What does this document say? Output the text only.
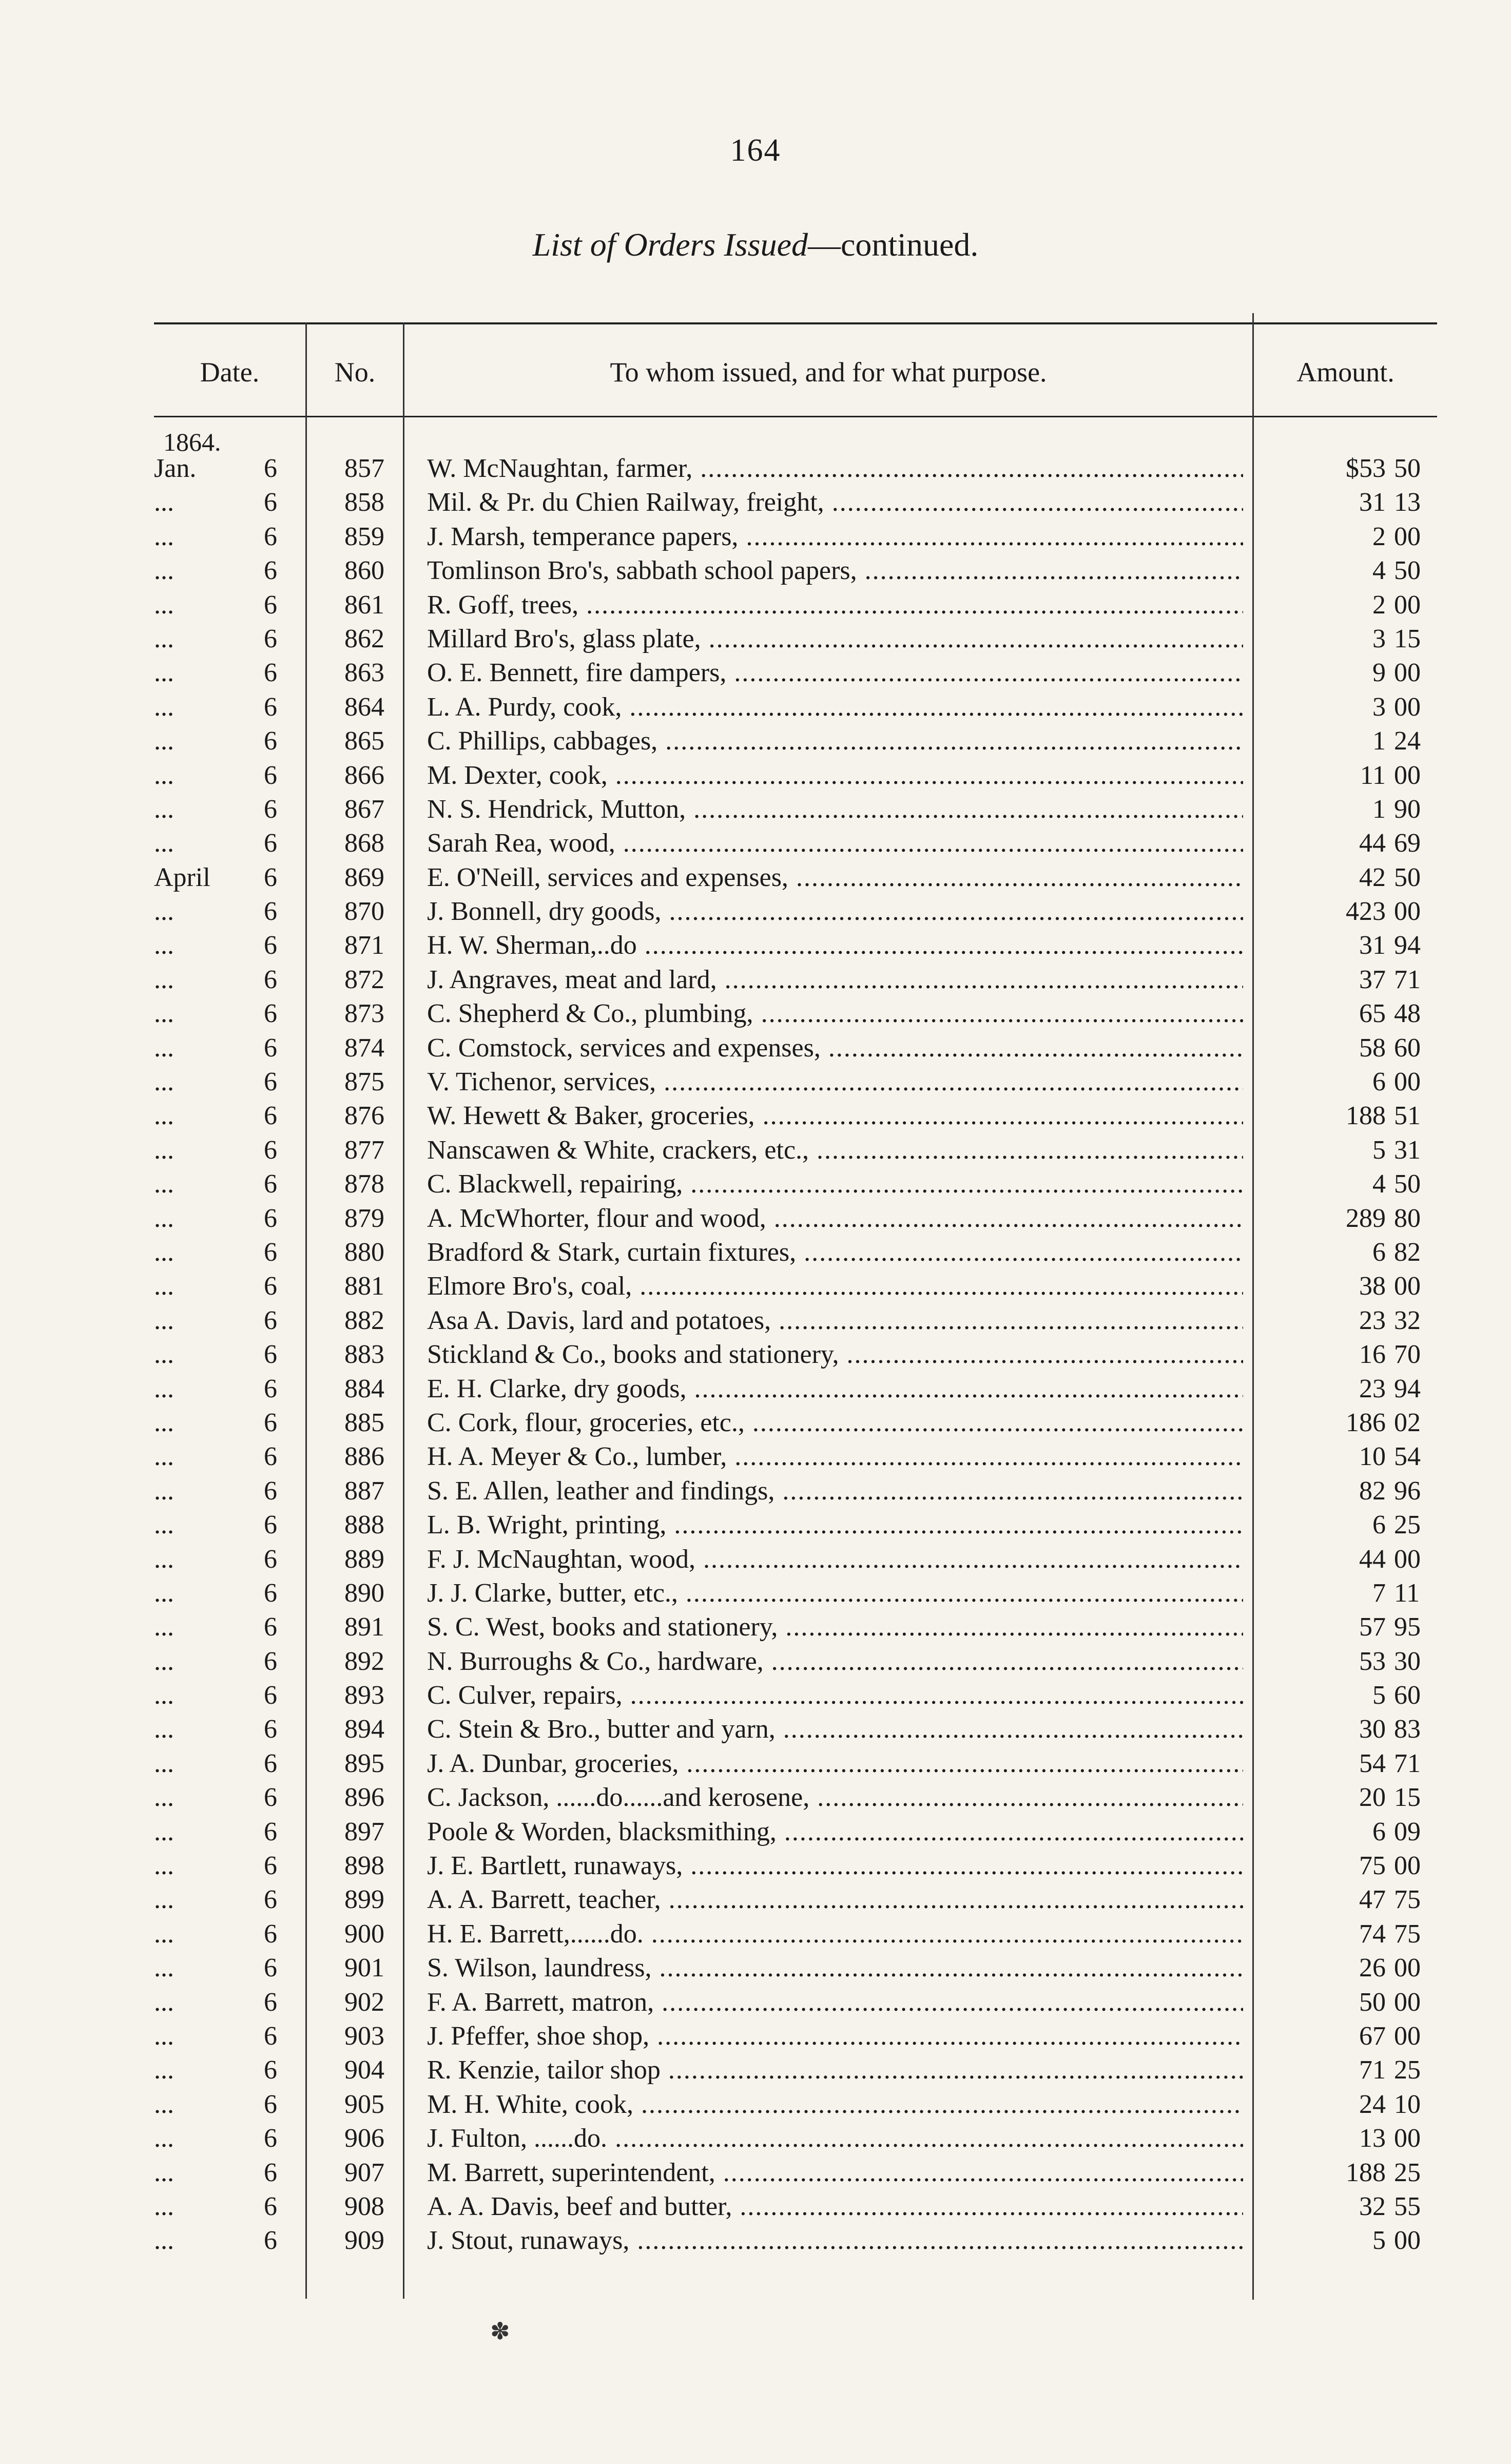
164
List of Orders Issued—continued.
Date.	No.	To whom issued, and for what purpose.	Amount.
1864.
Jan.	6	857	W. McNaughtan, farmer, .....	$53 50
...	6	858	Mil. & Pr. du Chien Railway, freight, .....	31 13
...	6	859	J. Marsh, temperance papers, .....	2 00
...	6	860	Tomlinson Bro's, sabbath school papers, .....	4 50
...	6	861	R. Goff, trees, .....	2 00
...	6	862	Millard Bro's, glass plate, .....	3 15
...	6	863	O. E. Bennett, fire dampers, .....	9 00
...	6	864	L. A. Purdy, cook, .....	3 00
...	6	865	C. Phillips, cabbages, .....	1 24
...	6	866	M. Dexter, cook, .....	11 00
...	6	867	N. S. Hendrick, Mutton, .....	1 90
...	6	868	Sarah Rea, wood, .....	44 69
April	6	869	E. O'Neill, services and expenses, .....	42 50
...	6	870	J. Bonnell, dry goods, .....	423 00
...	6	871	H. W. Sherman,..do .....	31 94
...	6	872	J. Angraves, meat and lard, .....	37 71
...	6	873	C. Shepherd & Co., plumbing, .....	65 48
...	6	874	C. Comstock, services and expenses, .....	58 60
...	6	875	V. Tichenor, services, .....	6 00
...	6	876	W. Hewett & Baker, groceries, .....	188 51
...	6	877	Nanscawen & White, crackers, etc., .....	5 31
...	6	878	C. Blackwell, repairing, .....	4 50
...	6	879	A. McWhorter, flour and wood, .....	289 80
...	6	880	Bradford & Stark, curtain fixtures, .....	6 82
...	6	881	Elmore Bro's, coal, .....	38 00
...	6	882	Asa A. Davis, lard and potatoes, .....	23 32
...	6	883	Stickland & Co., books and stationery, .....	16 70
...	6	884	E. H. Clarke, dry goods, .....	23 94
...	6	885	C. Cork, flour, groceries, etc., .....	186 02
...	6	886	H. A. Meyer & Co., lumber, .....	10 54
...	6	887	S. E. Allen, leather and findings, .....	82 96
...	6	888	L. B. Wright, printing, .....	6 25
...	6	889	F. J. McNaughtan, wood, .....	44 00
...	6	890	J. J. Clarke, butter, etc., .....	7 11
...	6	891	S. C. West, books and stationery, .....	57 95
...	6	892	N. Burroughs & Co., hardware, .....	53 30
...	6	893	C. Culver, repairs, .....	5 60
...	6	894	C. Stein & Bro., butter and yarn, .....	30 83
...	6	895	J. A. Dunbar, groceries, .....	54 71
...	6	896	C. Jackson, ......do......and kerosene, .....	20 15
...	6	897	Poole & Worden, blacksmithing, .....	6 09
...	6	898	J. E. Bartlett, runaways, .....	75 00
...	6	899	A. A. Barrett, teacher, .....	47 75
...	6	900	H. E. Barrett,......do. .....	74 75
...	6	901	S. Wilson, laundress, .....	26 00
...	6	902	F. A. Barrett, matron, .....	50 00
...	6	903	J. Pfeffer, shoe shop, .....	67 00
...	6	904	R. Kenzie, tailor shop .....	71 25
...	6	905	M. H. White, cook, .....	24 10
...	6	906	J. Fulton, ......do. .....	13 00
...	6	907	M. Barrett, superintendent, .....	188 25
...	6	908	A. A. Davis, beef and butter, .....	32 55
...	6	909	J. Stout, runaways, .....	5 00
✽
